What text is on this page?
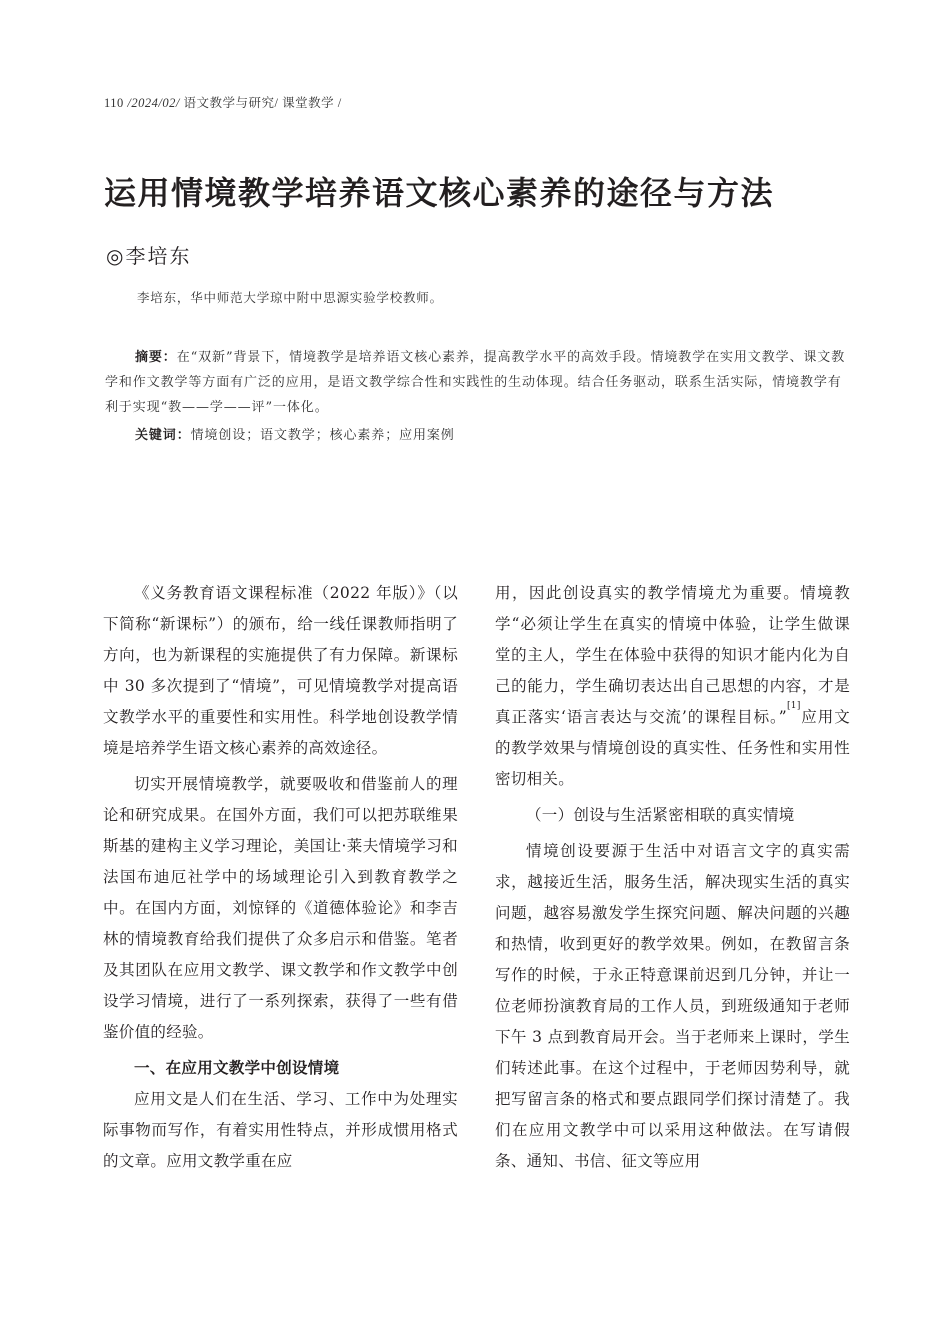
110 /2024/02/ 语文教学与研究/ 课堂教学 /
运用情境教学培养语文核心素养的途径与方法
◎李培东
李培东，华中师范大学琼中附中思源实验学校教师。

摘要：在“双新”背景下，情境教学是培养语文核心素养，提高教学水平的高效手段。情境教学在实用文教学、课文教学和作文教学等方面有广泛的应用，是语文教学综合性和实践性的生动体现。结合任务驱动，联系生活实际，情境教学有利于实现“教——学——评”一体化。

关键词：情境创设；语文教学；核心素养；应用案例

《义务教育语文课程标准（2022 年版）》（以下简称“新课标”）的颁布，给一线任课教师指明了方向，也为新课程的实施提供了有力保障。新课标中 30 多次提到了“情境”，可见情境教学对提高语文教学水平的重要性和实用性。科学地创设教学情境是培养学生语文核心素养的高效途径。

切实开展情境教学，就要吸收和借鉴前人的理论和研究成果。在国外方面，我们可以把苏联维果斯基的建构主义学习理论，美国让·莱夫情境学习和法国布迪厄社学中的场域理论引入到教育教学之中。在国内方面，刘惊铎的《道德体验论》和李吉林的情境教育给我们提供了众多启示和借鉴。笔者及其团队在应用文教学、课文教学和作文教学中创设学习情境，进行了一系列探索，获得了一些有借鉴价值的经验。

一、在应用文教学中创设情境

应用文是人们在生活、学习、工作中为处理实际事物而写作，有着实用性特点，并形成惯用格式的文章。应用文教学重在应

用，因此创设真实的教学情境尤为重要。情境教学“必须让学生在真实的情境中体验，让学生做课堂的主人，学生在体验中获得的知识才能内化为自己的能力，学生确切表达出自己思想的内容，才是真正落实‘语言表达与交流’的课程目标。”[1]应用文的教学效果与情境创设的真实性、任务性和实用性密切相关。

（一）创设与生活紧密相联的真实情境

情境创设要源于生活中对语言文字的真实需求，越接近生活，服务生活，解决现实生活的真实问题，越容易激发学生探究问题、解决问题的兴趣和热情，收到更好的教学效果。例如，在教留言条写作的时候，于永正特意课前迟到几分钟，并让一位老师扮演教育局的工作人员，到班级通知于老师下午 3 点到教育局开会。当于老师来上课时，学生们转述此事。在这个过程中，于老师因势利导，就把写留言条的格式和要点跟同学们探讨清楚了。我们在应用文教学中可以采用这种做法。在写请假条、通知、书信、征文等应用
